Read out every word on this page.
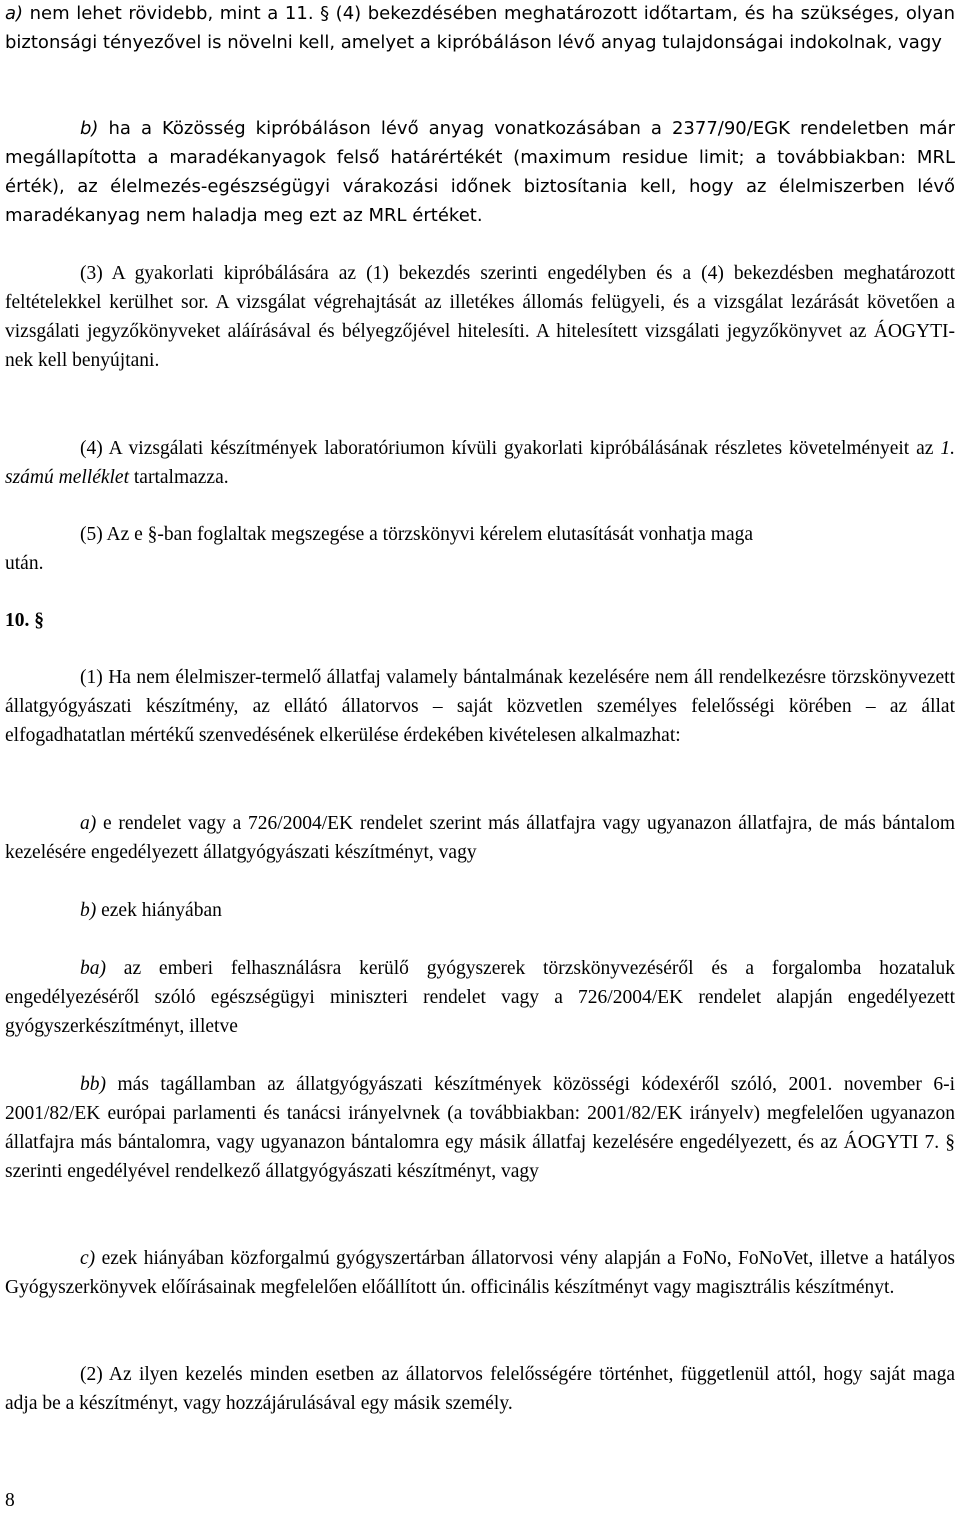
a) nem lehet rövidebb, mint a 11. § (4) bekezdésében meghatározott időtartam, és ha szükséges, olyan biztonsági tényezővel is növelni kell, amelyet a kipróbáláson lévő anyag tulajdonságai indokolnak, vagy
b) ha a Közösség kipróbáláson lévő anyag vonatkozásában a 2377/90/EGK rendeletben már megállapította a maradékanyagok felső határértékét (maximum residue limit; a továbbiakban: MRL érték), az élelmezés-egészségügyi várakozási időnek biztosítania kell, hogy az élelmiszerben lévő maradékanyag nem haladja meg ezt az MRL értéket.
(3) A gyakorlati kipróbálására az (1) bekezdés szerinti engedélyben és a (4) bekezdésben meghatározott feltételekkel kerülhet sor. A vizsgálat végrehajtását az illetékes állomás felügyeli, és a vizsgálat lezárását követően a vizsgálati jegyzőkönyveket aláírásával és bélyegzőjével hitelesíti. A hitelesített vizsgálati jegyzőkönyvet az ÁOGYTI-nek kell benyújtani.
(4) A vizsgálati készítmények laboratóriumon kívüli gyakorlati kipróbálásának részletes követelményeit az 1. számú melléklet tartalmazza.
(5) Az e §-ban foglaltak megszegése a törzskönyvi kérelem elutasítását vonhatja maga
után.
10. §
(1) Ha nem élelmiszer-termelő állatfaj valamely bántalmának kezelésére nem áll rendelkezésre törzskönyvezett állatgyógyászati készítmény, az ellátó állatorvos – saját közvetlen személyes felelősségi körében – az állat elfogadhatatlan mértékű szenvedésének elkerülése érdekében kivételesen alkalmazhat:
a) e rendelet vagy a 726/2004/EK rendelet szerint más állatfajra vagy ugyanazon állatfajra, de más bántalom kezelésére engedélyezett állatgyógyászati készítményt, vagy
b) ezek hiányában
ba) az emberi felhasználásra kerülő gyógyszerek törzskönyvezéséről és a forgalomba hozataluk engedélyezéséről szóló egészségügyi miniszteri rendelet vagy a 726/2004/EK rendelet alapján engedélyezett gyógyszerkészítményt, illetve
bb) más tagállamban az állatgyógyászati készítmények közösségi kódexéről szóló, 2001. november 6-i 2001/82/EK európai parlamenti és tanácsi irányelvnek (a továbbiakban: 2001/82/EK irányelv) megfelelően ugyanazon állatfajra más bántalomra, vagy ugyanazon bántalomra egy másik állatfaj kezelésére engedélyezett, és az ÁOGYTI 7. § szerinti engedélyével rendelkező állatgyógyászati készítményt, vagy
c) ezek hiányában közforgalmú gyógyszertárban állatorvosi vény alapján a FoNo, FoNoVet, illetve a hatályos Gyógyszerkönyvek előírásainak megfelelően előállított ún. officinális készítményt vagy magisztrális készítményt.
(2) Az ilyen kezelés minden esetben az állatorvos felelősségére történhet, függetlenül attól, hogy saját maga adja be a készítményt, vagy hozzájárulásával egy másik személy.
8
